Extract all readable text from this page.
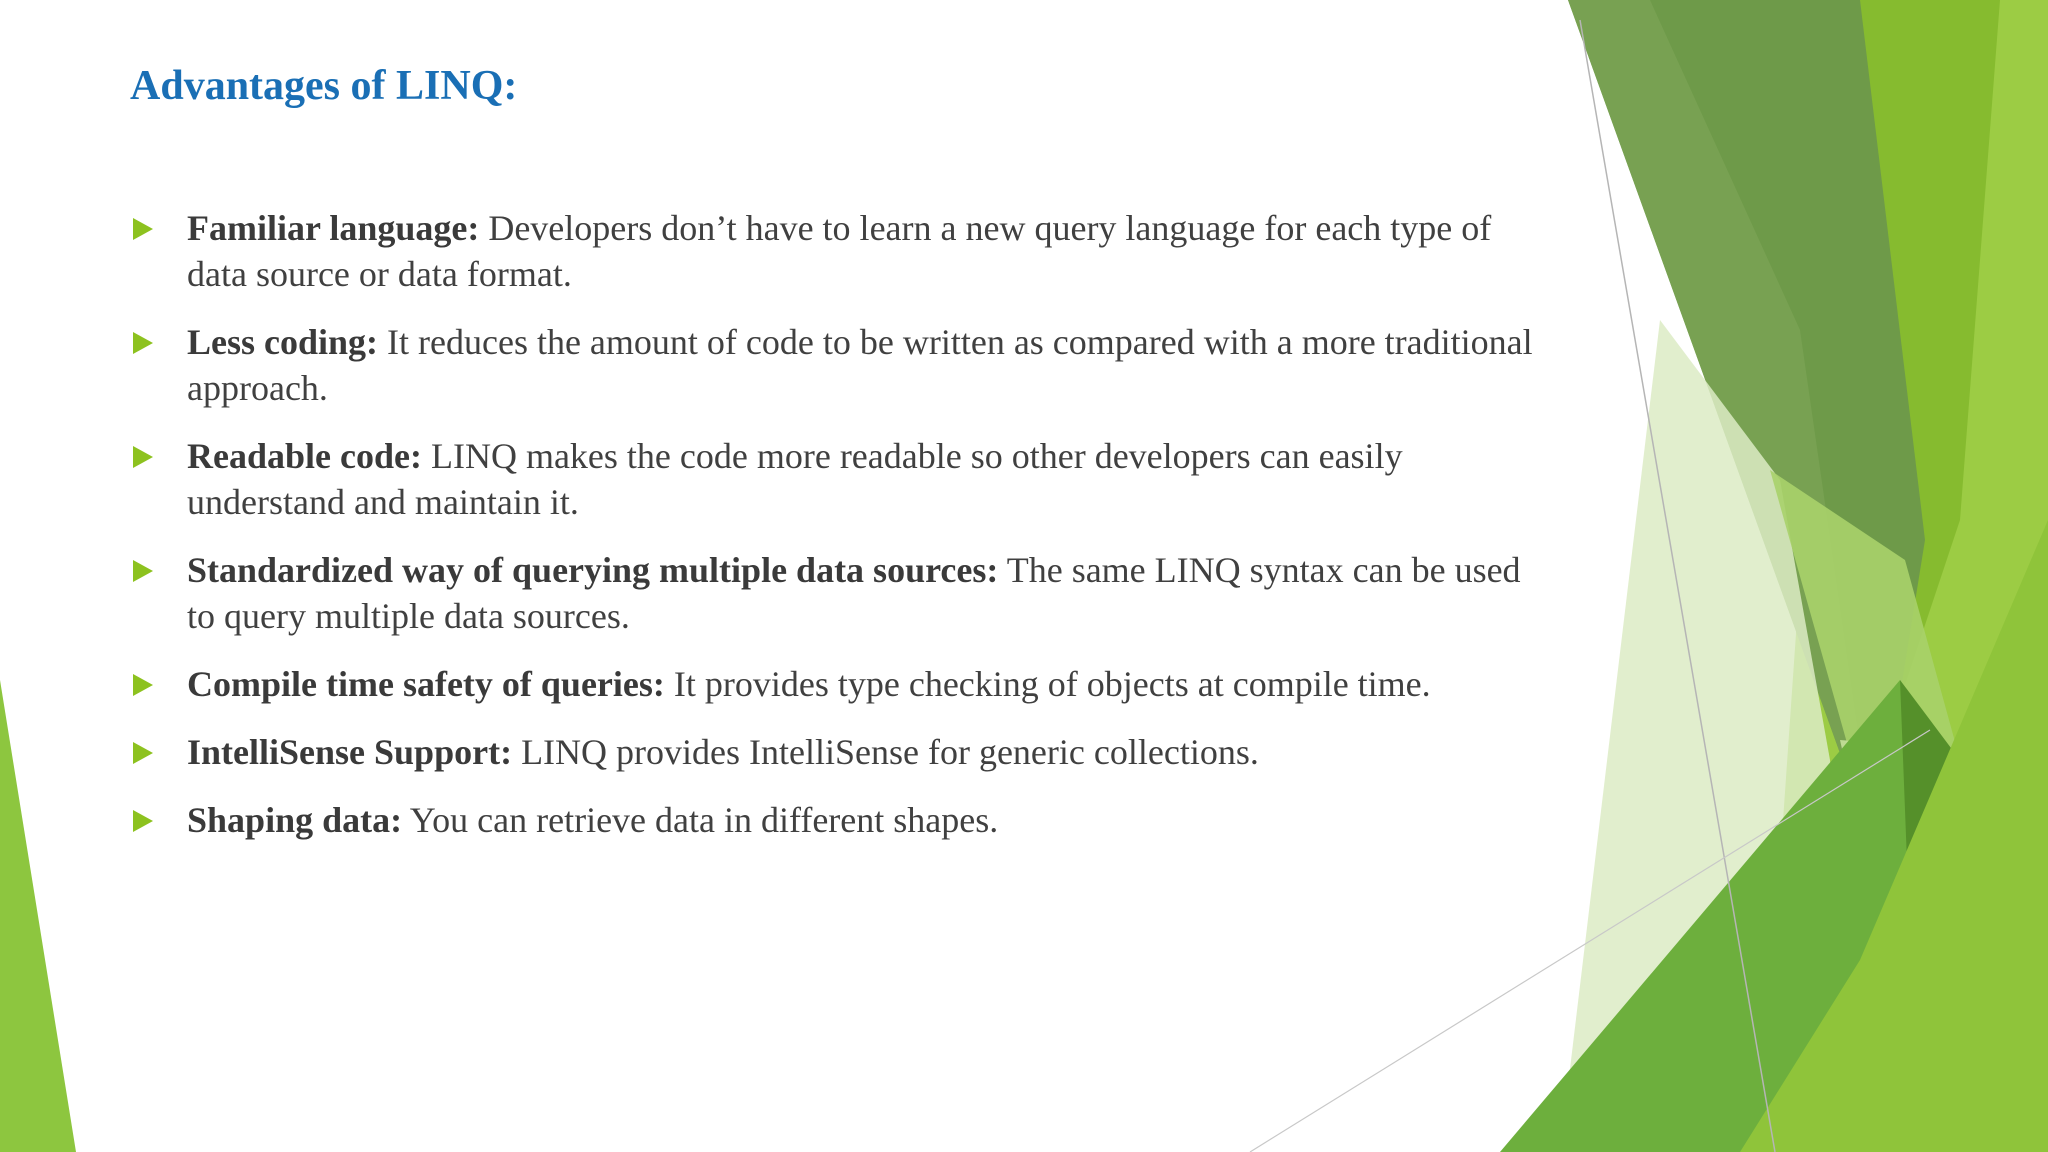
Advantages of LINQ:
Familiar language: Developers don’t have to learn a new query language for each type of data source or data format.
Less coding: It reduces the amount of code to be written as compared with a more traditional approach.
Readable code: LINQ makes the code more readable so other developers can easily understand and maintain it.
Standardized way of querying multiple data sources: The same LINQ syntax can be used to query multiple data sources.
Compile time safety of queries: It provides type checking of objects at compile time.
IntelliSense Support: LINQ provides IntelliSense for generic collections.
Shaping data: You can retrieve data in different shapes.
